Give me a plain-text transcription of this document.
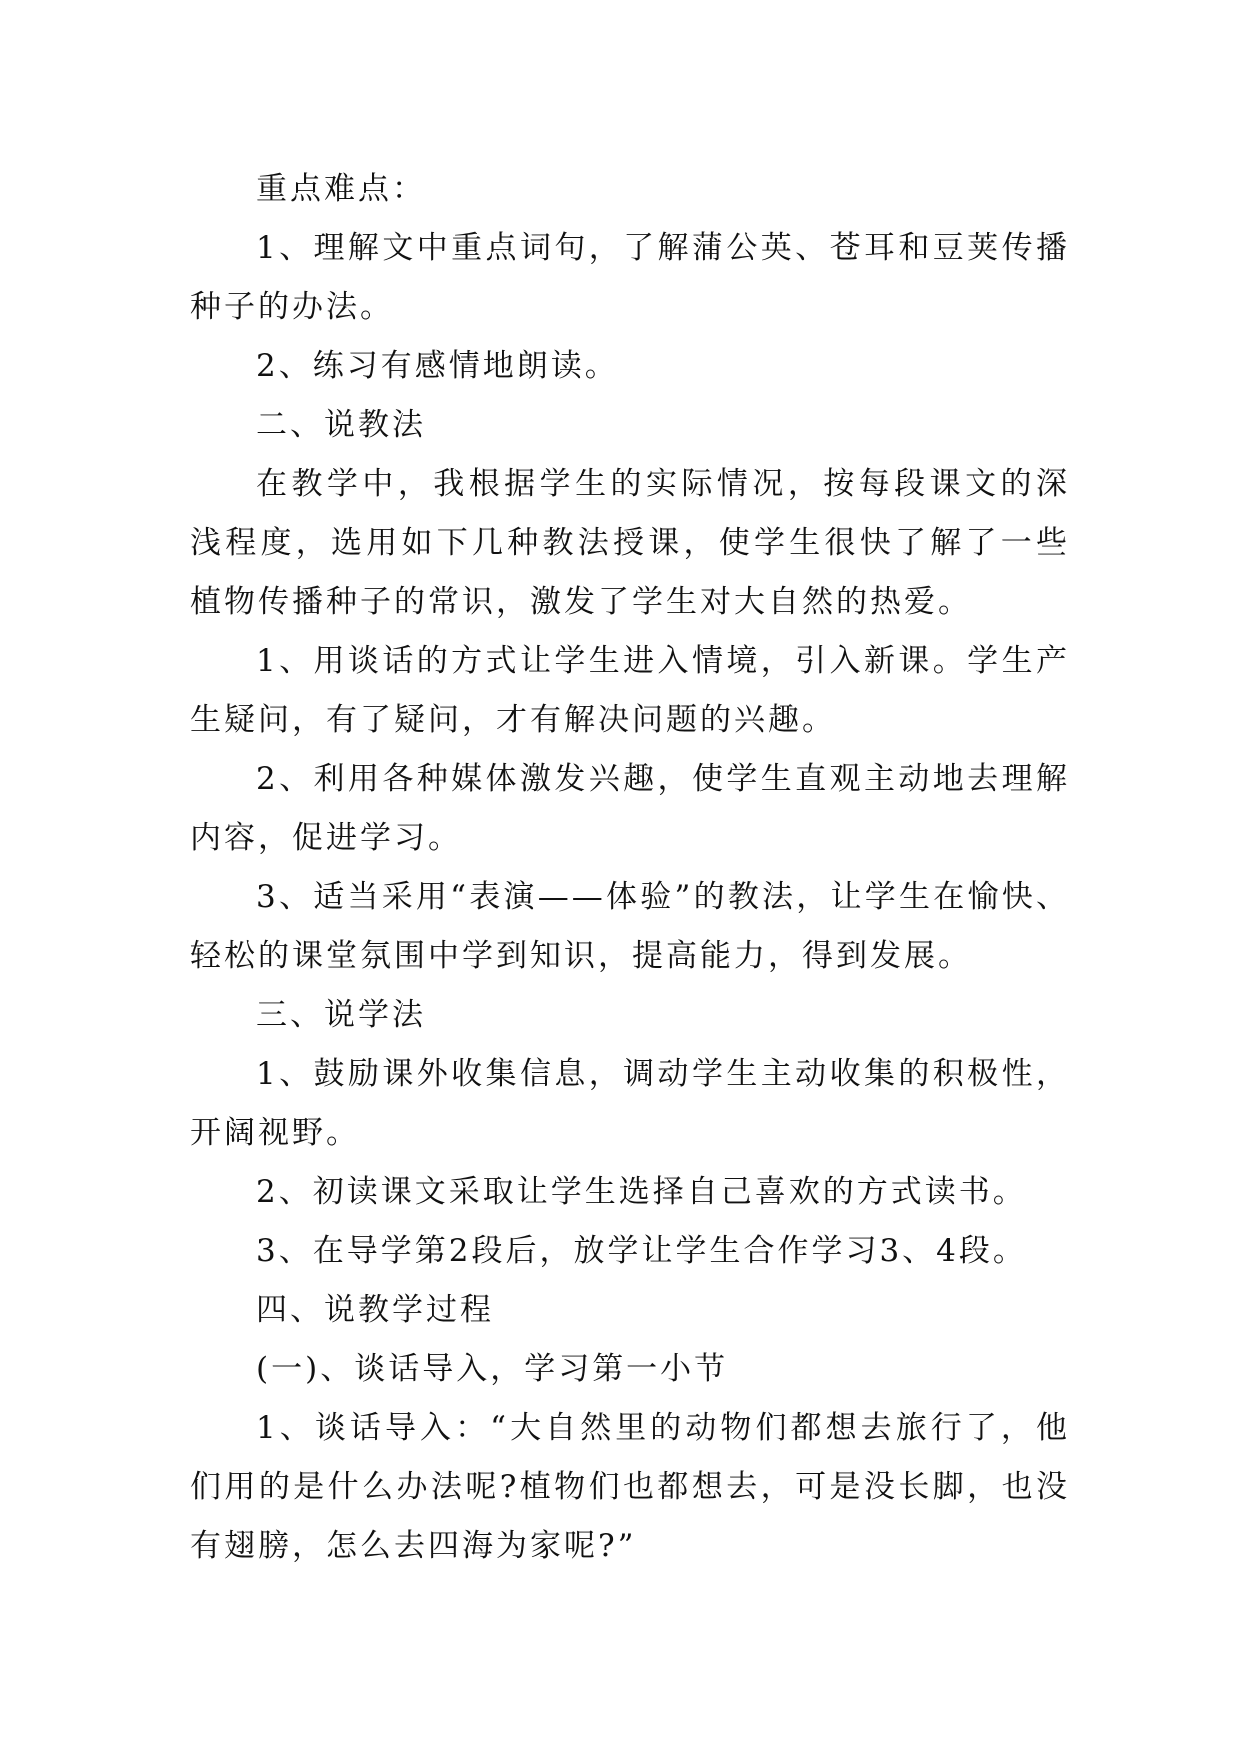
重点难点：

1、理解文中重点词句，了解蒲公英、苍耳和豆荚传播种子的办法。

2、练习有感情地朗读。

二、说教法

在教学中，我根据学生的实际情况，按每段课文的深浅程度，选用如下几种教法授课，使学生很快了解了一些植物传播种子的常识，激发了学生对大自然的热爱。

1、用谈话的方式让学生进入情境，引入新课。学生产生疑问，有了疑问，才有解决问题的兴趣。

2、利用各种媒体激发兴趣，使学生直观主动地去理解内容，促进学习。

3、适当采用“表演——体验”的教法，让学生在愉快、轻松的课堂氛围中学到知识，提高能力，得到发展。

三、说学法

1、鼓励课外收集信息，调动学生主动收集的积极性，开阔视野。

2、初读课文采取让学生选择自己喜欢的方式读书。

3、在导学第2段后，放学让学生合作学习3、4段。

四、说教学过程

(一)、谈话导入，学习第一小节

1、谈话导入：“大自然里的动物们都想去旅行了，他们用的是什么办法呢?植物们也都想去，可是没长脚，也没有翅膀，怎么去四海为家呢?”
